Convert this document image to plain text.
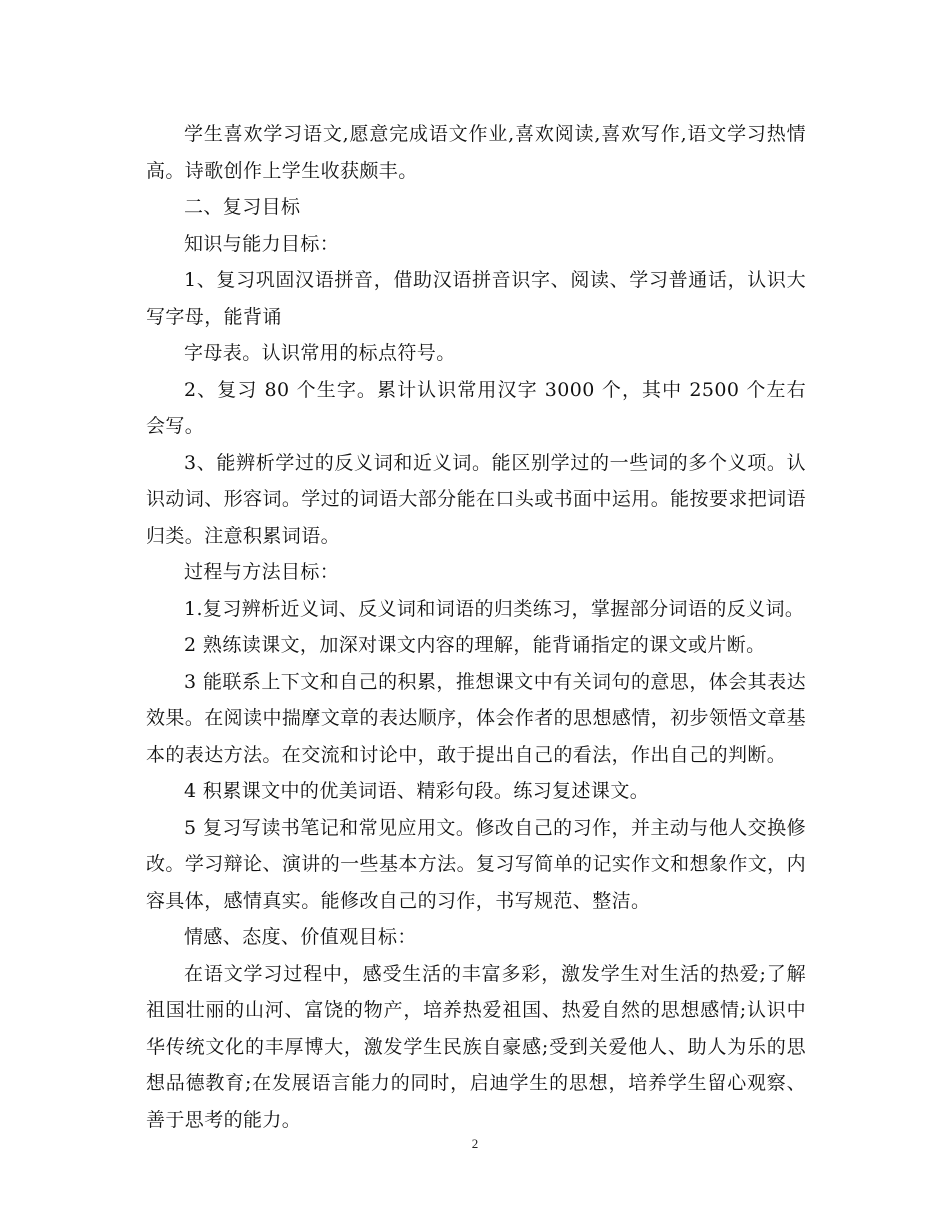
学生喜欢学习语文,愿意完成语文作业,喜欢阅读,喜欢写作,语文学习热情高。诗歌创作上学生收获颇丰。

二、复习目标

知识与能力目标：

1、复习巩固汉语拼音，借助汉语拼音识字、阅读、学习普通话，认识大写字母，能背诵

字母表。认识常用的标点符号。

2、复习 80 个生字。累计认识常用汉字 3000 个，其中 2500 个左右会写。

3、能辨析学过的反义词和近义词。能区别学过的一些词的多个义项。认识动词、形容词。学过的词语大部分能在口头或书面中运用。能按要求把词语归类。注意积累词语。

过程与方法目标：

1.复习辨析近义词、反义词和词语的归类练习，掌握部分词语的反义词。

2 熟练读课文，加深对课文内容的理解，能背诵指定的课文或片断。

3 能联系上下文和自己的积累，推想课文中有关词句的意思，体会其表达效果。在阅读中揣摩文章的表达顺序，体会作者的思想感情，初步领悟文章基本的表达方法。在交流和讨论中，敢于提出自己的看法，作出自己的判断。

4 积累课文中的优美词语、精彩句段。练习复述课文。

5 复习写读书笔记和常见应用文。修改自己的习作，并主动与他人交换修改。学习辩论、演讲的一些基本方法。复习写简单的记实作文和想象作文，内容具体，感情真实。能修改自己的习作，书写规范、整洁。

情感、态度、价值观目标：

在语文学习过程中，感受生活的丰富多彩，激发学生对生活的热爱;了解祖国壮丽的山河、富饶的物产，培养热爱祖国、热爱自然的思想感情;认识中华传统文化的丰厚博大，激发学生民族自豪感;受到关爱他人、助人为乐的思想品德教育;在发展语言能力的同时，启迪学生的思想，培养学生留心观察、善于思考的能力。

2
